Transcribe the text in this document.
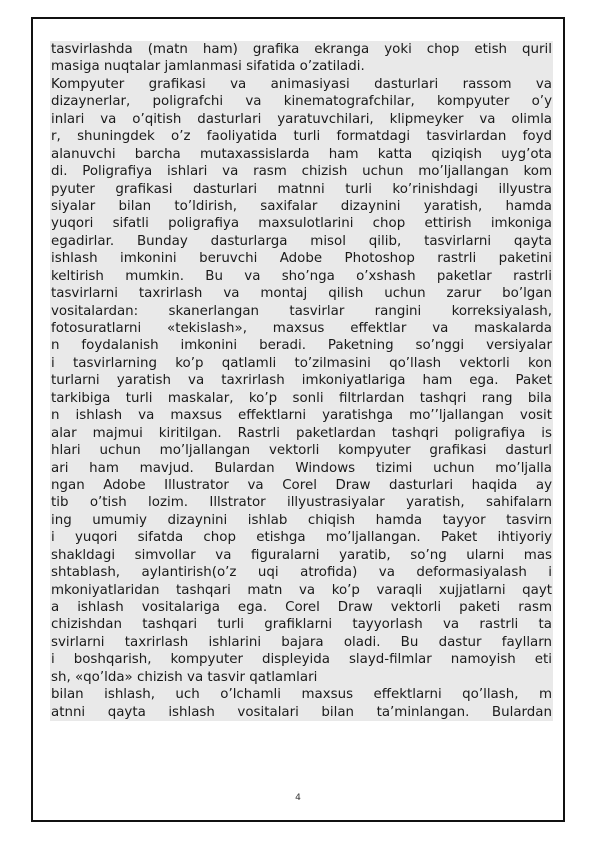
tasvirlashda (matn ham) grafika ekranga yoki chop etish quril
masiga nuqtalar jamlanmasi sifatida o’zatiladi.
Kompyuter grafikasi va animasiyasi dasturlari rassom va
dizaynerlar, poligrafchi va kinematografchilar, kompyuter o’y
inlari va o’qitish dasturlari yaratuvchilari, klipmeyker va olimla
r, shuningdek o’z faoliyatida turli formatdagi tasvirlardan foyd
alanuvchi barcha mutaxassislarda ham katta qiziqish uyg’ota
di. Poligrafiya ishlari va rasm chizish uchun mo’ljallangan kom
pyuter grafikasi dasturlari matnni turli ko’rinishdagi illyustra
siyalar bilan to’ldirish, saxifalar dizaynini yaratish, hamda
yuqori sifatli poligrafiya maxsulotlarini chop ettirish imkoniga
egadirlar. Bunday dasturlarga misol qilib, tasvirlarni qayta
ishlash imkonini beruvchi Adobe Photoshop rastrli paketini
keltirish mumkin. Bu va sho’nga o’xshash paketlar rastrli
tasvirlarni taxrirlash va montaj qilish uchun zarur bo’lgan
vositalardan: skanerlangan tasvirlar rangini korreksiyalash,
fotosuratlarni «tekislash», maxsus effektlar va maskalarda
n foydalanish imkonini beradi. Paketning so’nggi versiyalar
i tasvirlarning ko’p qatlamli to’zilmasini qo’llash vektorli kon
turlarni yaratish va taxrirlash imkoniyatlariga ham ega. Paket
tarkibiga turli maskalar, ko’p sonli filtrlardan tashqri rang bila
n ishlash va maxsus effektlarni yaratishga mo’’ljallangan vosit
alar majmui kiritilgan. Rastrli paketlardan tashqri poligrafiya is
hlari uchun mo’ljallangan vektorli kompyuter grafikasi dasturl
ari ham mavjud. Bulardan Windows tizimi uchun mo’ljalla
ngan Adobe Illustrator va Corel Draw dasturlari haqida ay
tib o’tish lozim. Illstrator illyustrasiyalar yaratish, sahifalarn
ing umumiy dizaynini ishlab chiqish hamda tayyor tasvirn
i yuqori sifatda chop etishga mo’ljallangan. Paket ihtiyoriy
shakldagi simvollar va figuralarni yaratib, so’ng ularni mas
shtablash, aylantirish(o’z uqi atrofida) va deformasiyalash i
mkoniyatlaridan tashqari matn va ko’p varaqli xujjatlarni qayt
a ishlash vositalariga ega. Corel Draw vektorli paketi rasm
chizishdan tashqari turli grafiklarni tayyorlash va rastrli ta
svirlarni taxrirlash ishlarini bajara oladi. Bu dastur fayllarn
i boshqarish, kompyuter displeyida slayd-filmlar namoyish eti
sh, «qo’lda» chizish va tasvir qatlamlari
bilan ishlash, uch o’lchamli maxsus effektlarni qo’llash, m
atnni qayta ishlash vositalari bilan ta’minlangan. Bulardan
4
